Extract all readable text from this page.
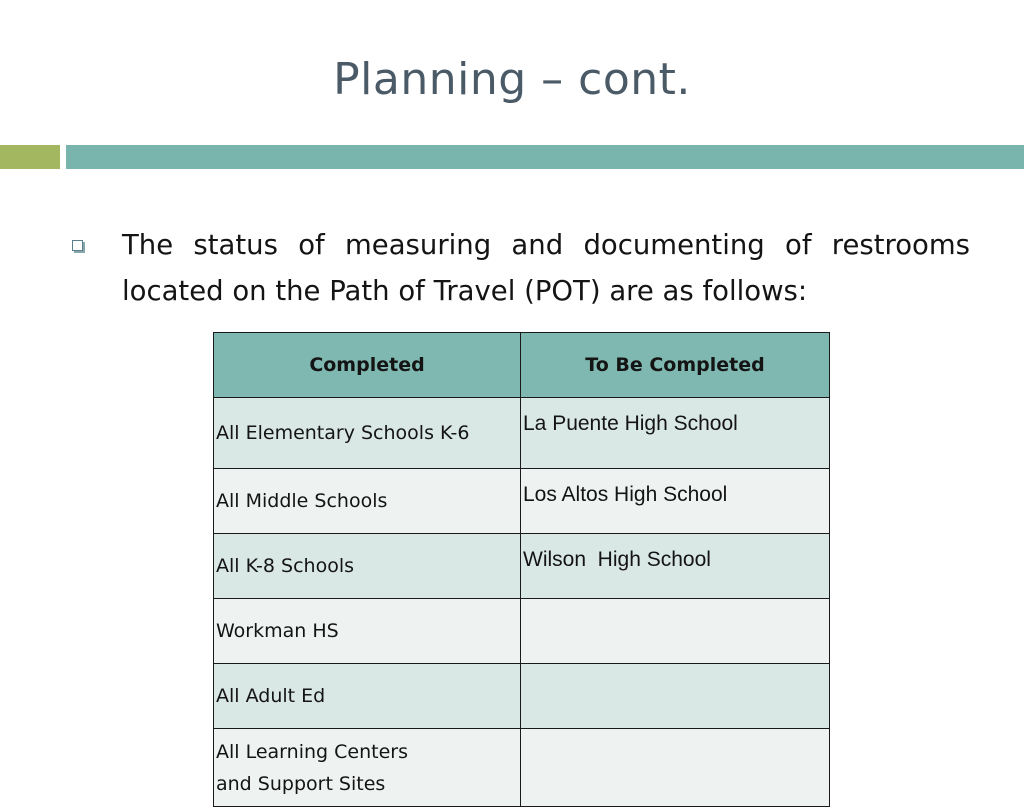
Planning – cont.
The status of measuring and documenting of restrooms located on the Path of Travel (POT) are as follows:
Completed	To Be Completed
All Elementary Schools K-6	La Puente High School
All Middle Schools	Los Altos High School
All K-8 Schools	Wilson  High School
Workman HS	
All Adult Ed	
All Learning Centers and Support Sites	
